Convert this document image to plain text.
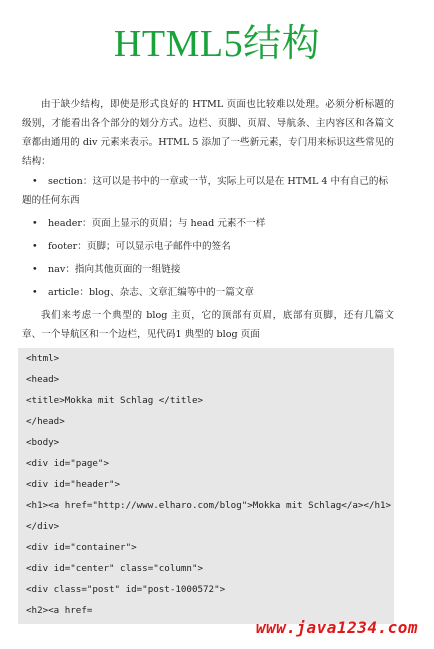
HTML5结构

由于缺少结构，即使是形式良好的 HTML 页面也比较难以处理。必须分析标题的级别，才能看出各个部分的划分方式。边栏、页脚、页眉、导航条、主内容区和各篇文章都由通用的 div 元素来表示。HTML 5 添加了一些新元素，专门用来标识这些常见的结构：

• section：这可以是书中的一章或一节，实际上可以是在 HTML 4 中有自己的标题的任何东西
• header：页面上显示的页眉；与 head 元素不一样
• footer：页脚；可以显示电子邮件中的签名
• nav：指向其他页面的一组链接
• article：blog、杂志、文章汇编等中的一篇文章

我们来考虑一个典型的 blog 主页，它的顶部有页眉，底部有页脚，还有几篇文章、一个导航区和一个边栏，见代码1 典型的 blog 页面

<html>
<head>
<title>Mokka mit Schlag </title>
</head>
<body>
<div id="page">
<div id="header">
<h1><a href="http://www.elharo.com/blog">Mokka mit Schlag</a></h1>
</div>
<div id="container">
<div id="center" class="column">
<div class="post" id="post-1000572">
<h2><a href=
www.java1234.com
